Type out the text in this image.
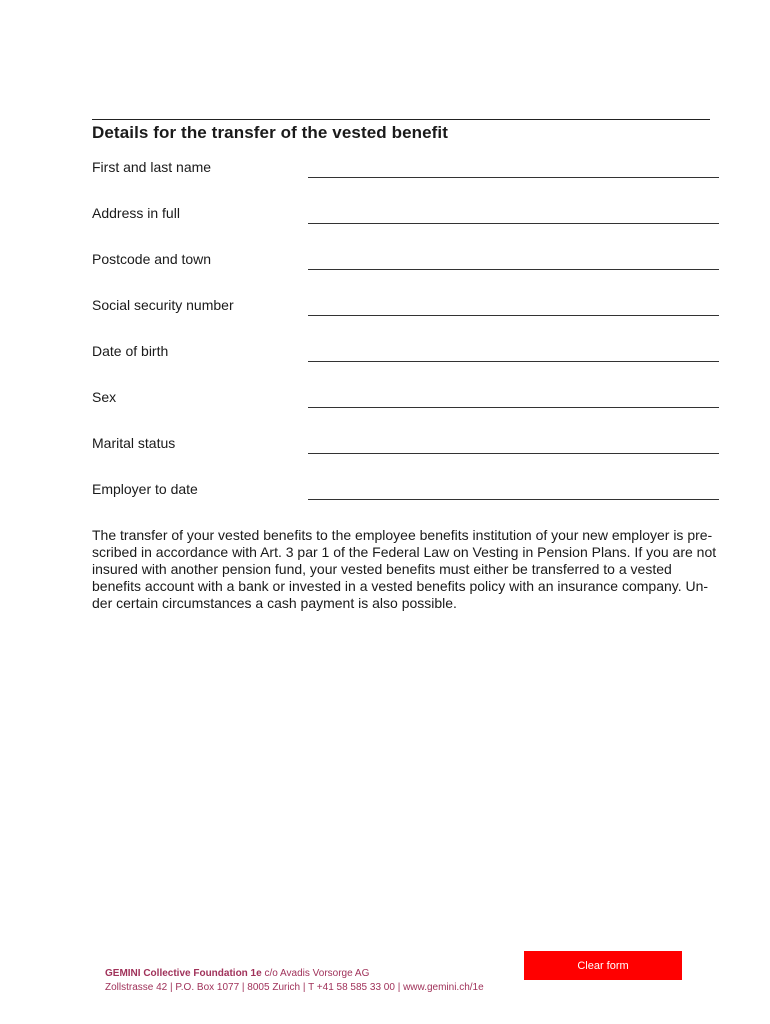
Details for the transfer of the vested benefit
First and last name
Address in full
Postcode and town
Social security number
Date of birth
Sex
Marital status
Employer to date

The transfer of your vested benefits to the employee benefits institution of your new employer is pre-scribed in accordance with Art. 3 par 1 of the Federal Law on Vesting in Pension Plans. If you are not insured with another pension fund, your vested benefits must either be transferred to a vested benefits account with a bank or invested in a vested benefits policy with an insurance company. Un-der certain circumstances a cash payment is also possible.

GEMINI Collective Foundation 1e c/o Avadis Vorsorge AG
Zollstrasse 42 | P.O. Box 1077 | 8005 Zurich | T +41 58 585 33 00 | www.gemini.ch/1e
Clear form
